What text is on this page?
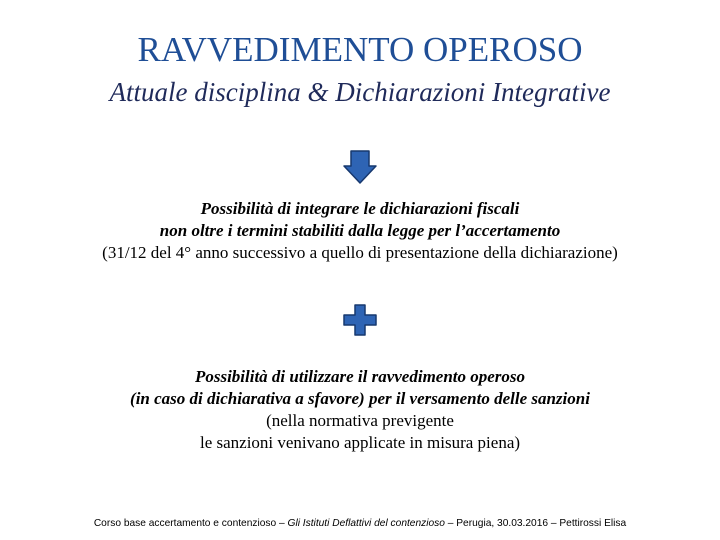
RAVVEDIMENTO OPEROSO
Attuale disciplina & Dichiarazioni Integrative
Possibilità di integrare le dichiarazioni fiscali
non oltre i termini stabiliti dalla legge per l’accertamento
(31/12 del 4° anno successivo a quello di presentazione della dichiarazione)
Possibilità di utilizzare il ravvedimento operoso
(in caso di dichiarativa a sfavore) per il versamento delle sanzioni
(nella normativa previgente
le sanzioni venivano applicate in misura piena)
Corso base accertamento e contenzioso – Gli Istituti Deflattivi del contenzioso – Perugia, 30.03.2016 – Pettirossi Elisa
